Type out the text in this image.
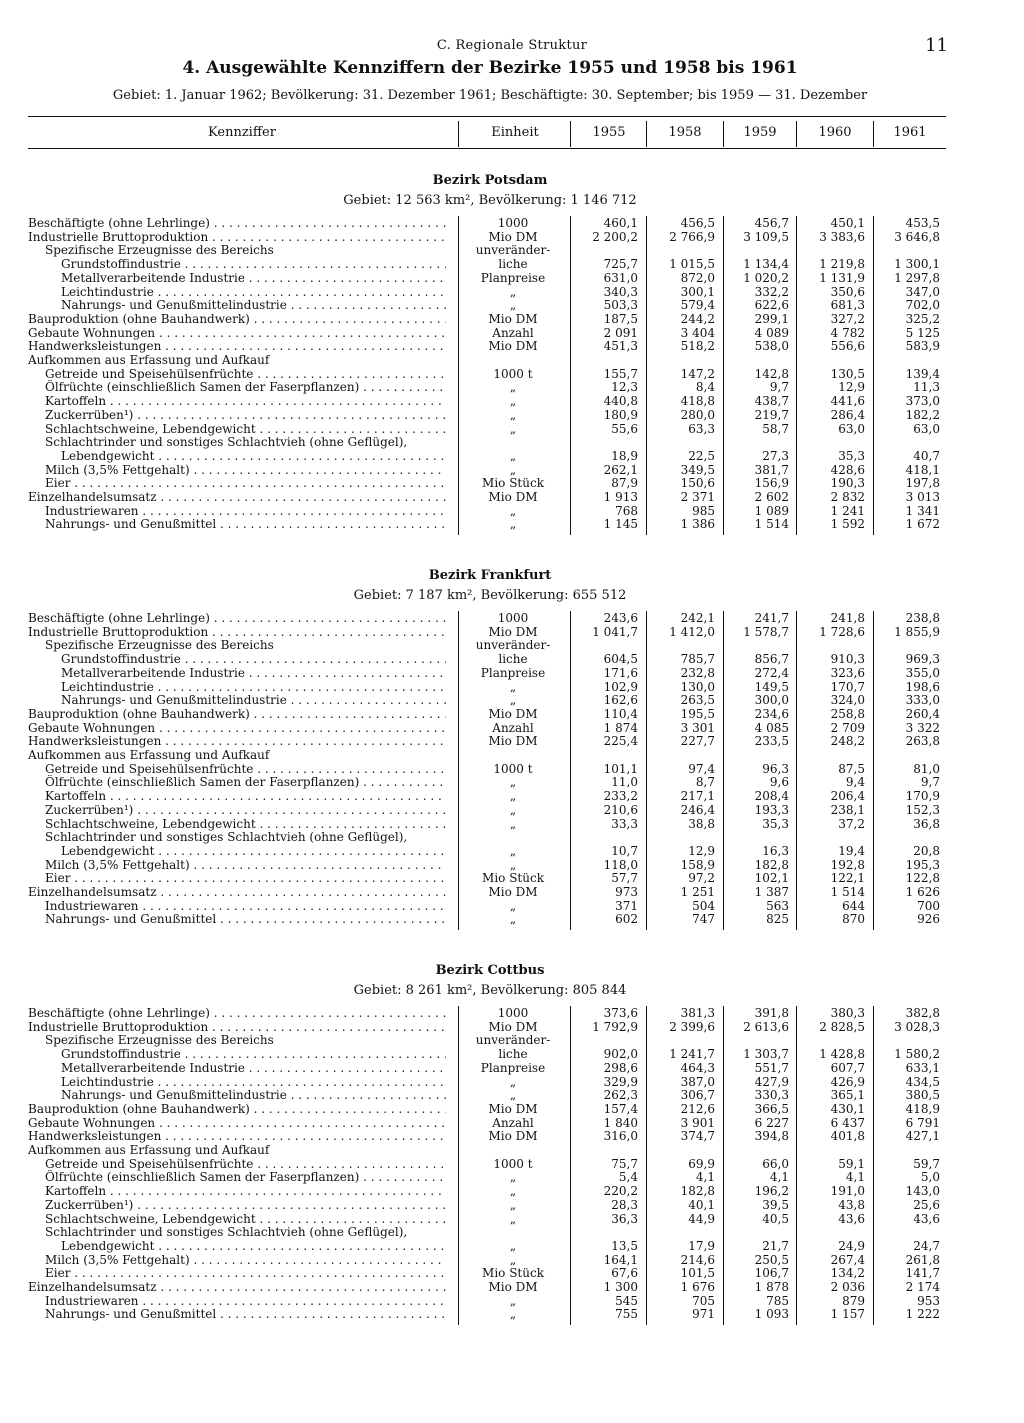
C. Regionale Struktur	11
4. Ausgewählte Kennziffern der Bezirke 1955 und 1958 bis 1961
Gebiet: 1. Januar 1962; Bevölkerung: 31. Dezember 1961; Beschäftigte: 30. September; bis 1959 — 31. Dezember
Kennziffer	Einheit	1955	1958	1959	1960	1961
Bezirk Potsdam
Gebiet: 12 563 km², Bevölkerung: 1 146 712
Beschäftigte (ohne Lehrlinge) . . .	1000	460,1	456,5	456,7	450,1	453,5
Industrielle Bruttoproduktion . . .	Mio DM	2 200,2	2 766,9	3 109,5	3 383,6	3 646,8
Spezifische Erzeugnisse des Bereichs	unveränder-
Grundstoffindustrie . . .	liche	725,7	1 015,5	1 134,4	1 219,8	1 300,1
Metallverarbeitende Industrie . . .	Planpreise	631,0	872,0	1 020,2	1 131,9	1 297,8
Leichtindustrie . . .	„	340,3	300,1	332,2	350,6	347,0
Nahrungs- und Genußmittelindustrie . . .	„	503,3	579,4	622,6	681,3	702,0
Bauproduktion (ohne Bauhandwerk) . . .	Mio DM	187,5	244,2	299,1	327,2	325,2
Gebaute Wohnungen . . .	Anzahl	2 091	3 404	4 089	4 782	5 125
Handwerksleistungen . . .	Mio DM	451,3	518,2	538,0	556,6	583,9
Aufkommen aus Erfassung und Aufkauf
Getreide und Speisehülsenfrüchte . . .	1000 t	155,7	147,2	142,8	130,5	139,4
Ölfrüchte (einschließlich Samen der Faserpflanzen) . . .	„	12,3	8,4	9,7	12,9	11,3
Kartoffeln . . .	„	440,8	418,8	438,7	441,6	373,0
Zuckerrüben¹) . . .	„	180,9	280,0	219,7	286,4	182,2
Schlachtschweine, Lebendgewicht . . .	„	55,6	63,3	58,7	63,0	63,0
Schlachtrinder und sonstiges Schlachtvieh (ohne Geflügel),
Lebendgewicht . . .	„	18,9	22,5	27,3	35,3	40,7
Milch (3,5% Fettgehalt) . . .	„	262,1	349,5	381,7	428,6	418,1
Eier . . .	Mio Stück	87,9	150,6	156,9	190,3	197,8
Einzelhandelsumsatz . . .	Mio DM	1 913	2 371	2 602	2 832	3 013
Industriewaren . . .	„	768	985	1 089	1 241	1 341
Nahrungs- und Genußmittel . . .	„	1 145	1 386	1 514	1 592	1 672
Bezirk Frankfurt
Gebiet: 7 187 km², Bevölkerung: 655 512
Beschäftigte (ohne Lehrlinge) . . .	1000	243,6	242,1	241,7	241,8	238,8
Industrielle Bruttoproduktion . . .	Mio DM	1 041,7	1 412,0	1 578,7	1 728,6	1 855,9
Spezifische Erzeugnisse des Bereichs	unveränder-
Grundstoffindustrie . . .	liche	604,5	785,7	856,7	910,3	969,3
Metallverarbeitende Industrie . . .	Planpreise	171,6	232,8	272,4	323,6	355,0
Leichtindustrie . . .	„	102,9	130,0	149,5	170,7	198,6
Nahrungs- und Genußmittelindustrie . . .	„	162,6	263,5	300,0	324,0	333,0
Bauproduktion (ohne Bauhandwerk) . . .	Mio DM	110,4	195,5	234,6	258,8	260,4
Gebaute Wohnungen . . .	Anzahl	1 874	3 301	4 085	2 709	3 322
Handwerksleistungen . . .	Mio DM	225,4	227,7	233,5	248,2	263,8
Aufkommen aus Erfassung und Aufkauf
Getreide und Speisehülsenfrüchte . . .	1000 t	101,1	97,4	96,3	87,5	81,0
Ölfrüchte (einschließlich Samen der Faserpflanzen) . . .	„	11,0	8,7	9,6	9,4	9,7
Kartoffeln . . .	„	233,2	217,1	208,4	206,4	170,9
Zuckerrüben¹) . . .	„	210,6	246,4	193,3	238,1	152,3
Schlachtschweine, Lebendgewicht . . .	„	33,3	38,8	35,3	37,2	36,8
Schlachtrinder und sonstiges Schlachtvieh (ohne Geflügel),
Lebendgewicht . . .	„	10,7	12,9	16,3	19,4	20,8
Milch (3,5% Fettgehalt) . . .	„	118,0	158,9	182,8	192,8	195,3
Eier . . .	Mio Stück	57,7	97,2	102,1	122,1	122,8
Einzelhandelsumsatz . . .	Mio DM	973	1 251	1 387	1 514	1 626
Industriewaren . . .	„	371	504	563	644	700
Nahrungs- und Genußmittel . . .	„	602	747	825	870	926
Bezirk Cottbus
Gebiet: 8 261 km², Bevölkerung: 805 844
Beschäftigte (ohne Lehrlinge) . . .	1000	373,6	381,3	391,8	380,3	382,8
Industrielle Bruttoproduktion . . .	Mio DM	1 792,9	2 399,6	2 613,6	2 828,5	3 028,3
Spezifische Erzeugnisse des Bereichs	unveränder-
Grundstoffindustrie . . .	liche	902,0	1 241,7	1 303,7	1 428,8	1 580,2
Metallverarbeitende Industrie . . .	Planpreise	298,6	464,3	551,7	607,7	633,1
Leichtindustrie . . .	„	329,9	387,0	427,9	426,9	434,5
Nahrungs- und Genußmittelindustrie . . .	„	262,3	306,7	330,3	365,1	380,5
Bauproduktion (ohne Bauhandwerk) . . .	Mio DM	157,4	212,6	366,5	430,1	418,9
Gebaute Wohnungen . . .	Anzahl	1 840	3 901	6 227	6 437	6 791
Handwerksleistungen . . .	Mio DM	316,0	374,7	394,8	401,8	427,1
Aufkommen aus Erfassung und Aufkauf
Getreide und Speisehülsenfrüchte . . .	1000 t	75,7	69,9	66,0	59,1	59,7
Ölfrüchte (einschließlich Samen der Faserpflanzen) . . .	„	5,4	4,1	4,1	4,1	5,0
Kartoffeln . . .	„	220,2	182,8	196,2	191,0	143,0
Zuckerrüben¹) . . .	„	28,3	40,1	39,5	43,8	25,6
Schlachtschweine, Lebendgewicht . . .	„	36,3	44,9	40,5	43,6	43,6
Schlachtrinder und sonstiges Schlachtvieh (ohne Geflügel),
Lebendgewicht . . .	„	13,5	17,9	21,7	24,9	24,7
Milch (3,5% Fettgehalt) . . .	„	164,1	214,6	250,5	267,4	261,8
Eier . . .	Mio Stück	67,6	101,5	106,7	134,2	141,7
Einzelhandelsumsatz . . .	Mio DM	1 300	1 676	1 878	2 036	2 174
Industriewaren . . .	„	545	705	785	879	953
Nahrungs- und Genußmittel . . .	„	755	971	1 093	1 157	1 222
